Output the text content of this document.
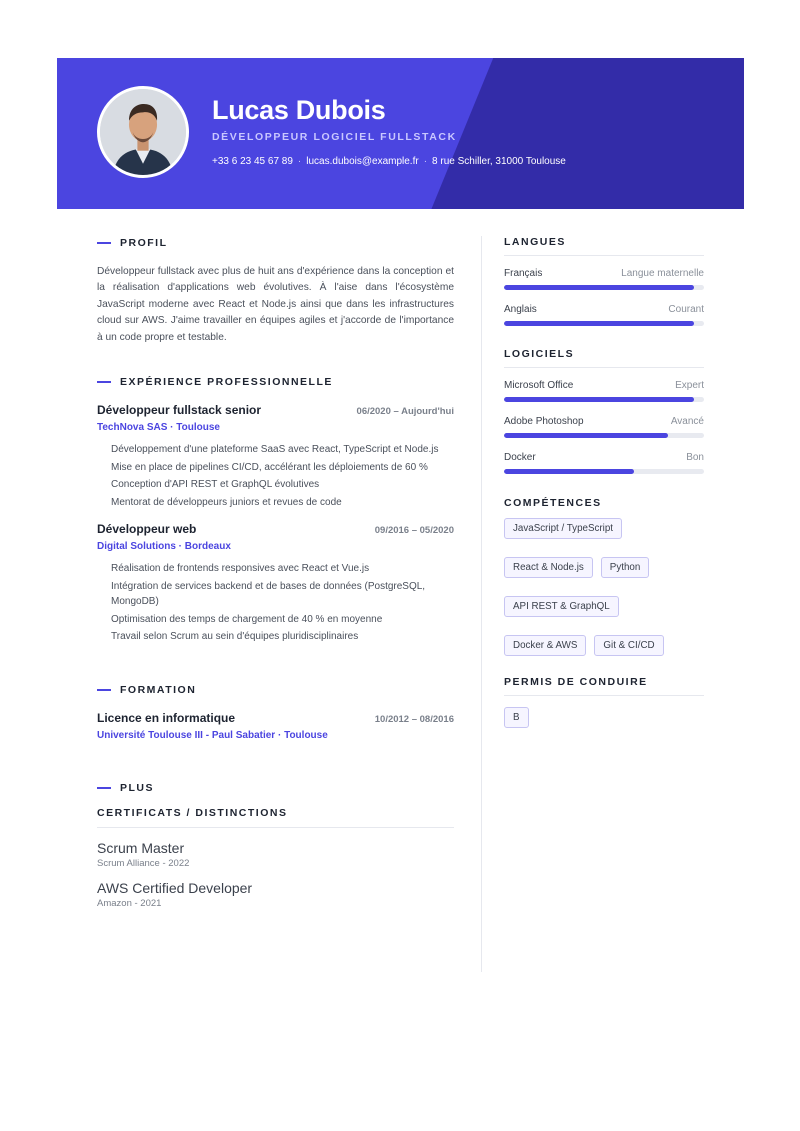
Lucas Dubois
DÉVELOPPEUR LOGICIEL FULLSTACK
+33 6 23 45 67 89 · lucas.dubois@example.fr · 8 rue Schiller, 31000 Toulouse
PROFIL

Développeur fullstack avec plus de huit ans d'expérience dans la conception et la réalisation d'applications web évolutives. À l'aise dans l'écosystème JavaScript moderne avec React et Node.js ainsi que dans les infrastructures cloud sur AWS. J'aime travailler en équipes agiles et j'accorde de l'importance à un code propre et testable.

EXPÉRIENCE PROFESSIONNELLE
Développeur fullstack senior	06/2020 – Aujourd'hui
TechNova SAS · Toulouse
Développement d'une plateforme SaaS avec React, TypeScript et Node.js
Mise en place de pipelines CI/CD, accélérant les déploiements de 60 %
Conception d'API REST et GraphQL évolutives
Mentorat de développeurs juniors et revues de code
Développeur web	09/2016 – 05/2020
Digital Solutions · Bordeaux
Réalisation de frontends responsives avec React et Vue.js
Intégration de services backend et de bases de données (PostgreSQL, MongoDB)
Optimisation des temps de chargement de 40 % en moyenne
Travail selon Scrum au sein d'équipes pluridisciplinaires
FORMATION
Licence en informatique	10/2012 – 08/2016
Université Toulouse III - Paul Sabatier · Toulouse
PLUS
CERTIFICATS / DISTINCTIONS
Scrum Master
Scrum Alliance - 2022
AWS Certified Developer
Amazon - 2021
LANGUES
Français	Langue maternelle
Anglais	Courant
LOGICIELS
Microsoft Office	Expert
Adobe Photoshop	Avancé
Docker	Bon
COMPÉTENCES
JavaScript / TypeScript
React & Node.js	Python
API REST & GraphQL
Docker & AWS	Git & CI/CD
PERMIS DE CONDUIRE
B
